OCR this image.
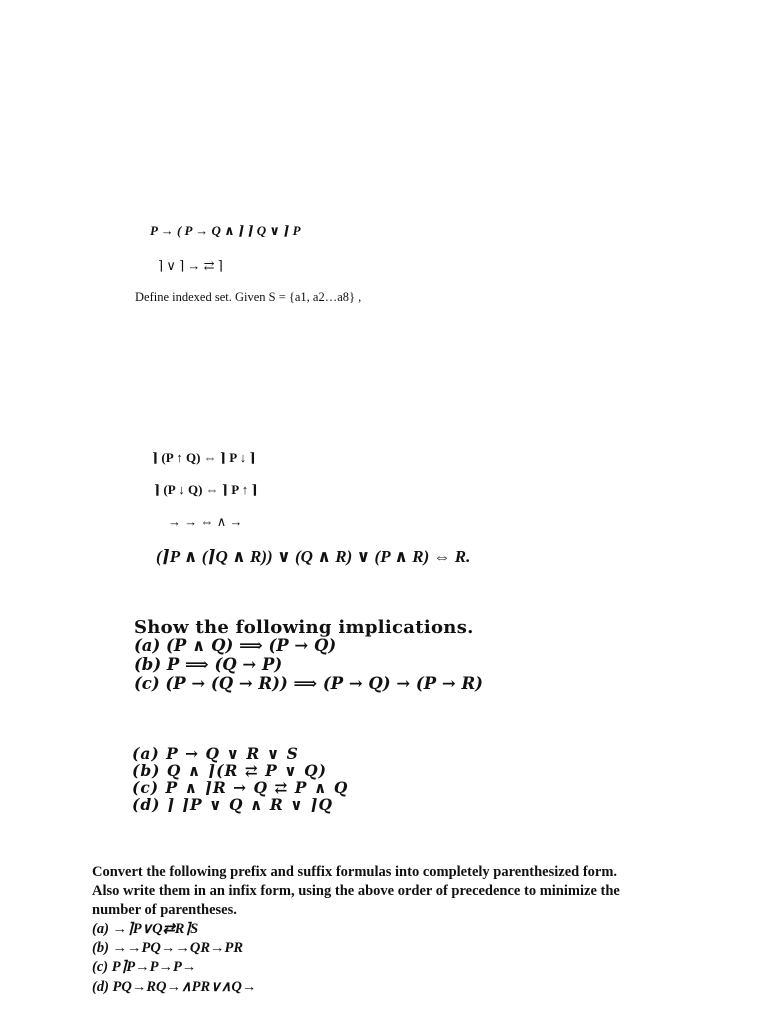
P → ( P → Q ∧ ⌉ ⌉ Q ∨ ⌉ P
⌉ ∨ ⌉ → ⇄ ⌉
Define indexed set. Given S = {a1, a2…a8} ,
⌉ (P ↑ Q) ⇔ ⌉ P ↓ ⌉
⌉ (P ↓ Q) ⇔ ⌉ P ↑ ⌉
→ → ⇔ ∧ →
(⌉P ∧ (⌉Q ∧ R)) ∨ (Q ∧ R) ∨ (P ∧ R) ⇔ R.
Show the following implications.
(a) (P ∧ Q) ⟹ (P → Q)
(b) P ⟹ (Q → P)
(c) (P → (Q → R)) ⟹ (P → Q) → (P → R)
(a) P → Q ∨ R ∨ S
(b) Q ∧ ⌉(R ⇄ P ∨ Q)
(c) P ∧ ⌉R → Q ⇄ P ∧ Q
(d) ⌉ ⌉P ∨ Q ∧ R ∨ ⌉Q
Convert the following prefix and suffix formulas into completely parenthesized form.
Also write them in an infix form, using the above order of precedence to minimize the
number of parentheses.
(a) →⌉P∨Q⇄R⌉S
(b) →→PQ→→QR→PR
(c) P⌉P→P→P→
(d) PQ→RQ→∧PR∨∧Q→
